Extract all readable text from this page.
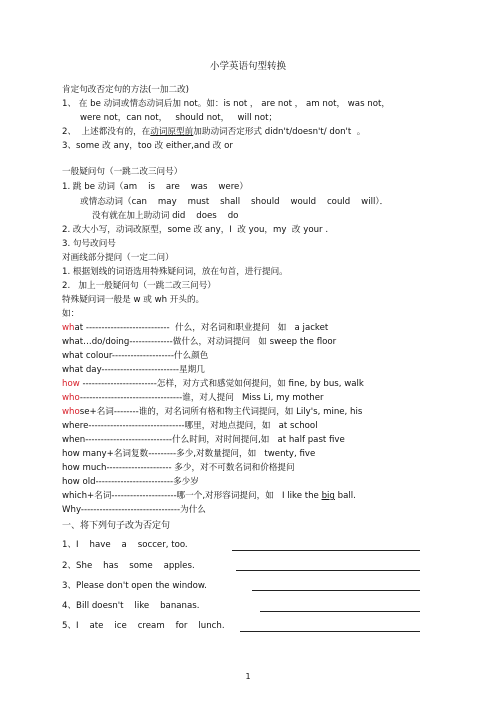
小学英语句型转换
肯定句改否定句的方法(一加二改)
1、 在 be 动词或情态动词后加 not。如：is not ， are not ， am not， was not，
were not，can not，   should not，   will not；
2、  上述都没有的，在动词原型前加助动词否定形式 didn't/doesn't/ don't  。
3、some 改 any，too 改 either,and 改 or
一般疑问句（一跳二改三问号）
1. 跳 be 动词（am    is    are    was    were）
或情态动词（can    may    must    shall    should    would    could    will）．
没有就在加上助动词 did    does    do
2. 改大小写，动词改原型，some 改 any，I  改 you，my  改 your .
3. 句号改问号
对画线部分提问（一定二问）
1. 根据划线的词语选用特殊疑问词，放在句首，进行提问。
2.   加上一般疑问句（一跳二改三问号）
特殊疑问词一般是 w 或 wh 开头的。
如：
what ---------------------------  什么，对名词和职业提问   如   a jacket
what…do/doing--------------做什么，对动词提问   如 sweep the floor
what colour--------------------什么颜色
what day-------------------------星期几
how ------------------------怎样，对方式和感觉如何提问，如 fine, by bus, walk
who---------------------------------谁，对人提问   Miss Li, my mother
whose+名词--------谁的，对名词所有格和物主代词提问，如 Lily's, mine, his
where-------------------------------哪里，对地点提问，如   at school
when----------------------------什么时间，对时间提问,如   at half past five
how many+名词复数---------多少,对数量提问，如   twenty, five
how much--------------------- 多少，对不可数名词和价格提问
how old-------------------------多少岁
which+名词---------------------哪一个,对形容词提问，如   I like the big ball.
Why--------------------------------为什么
一、将下列句子改为否定句
1、I    have    a    soccer, too.
2、She    has    some    apples.
3、Please don't open the window.
4、Bill doesn't    like    bananas.
5、I    ate    ice    cream    for    lunch.
1
